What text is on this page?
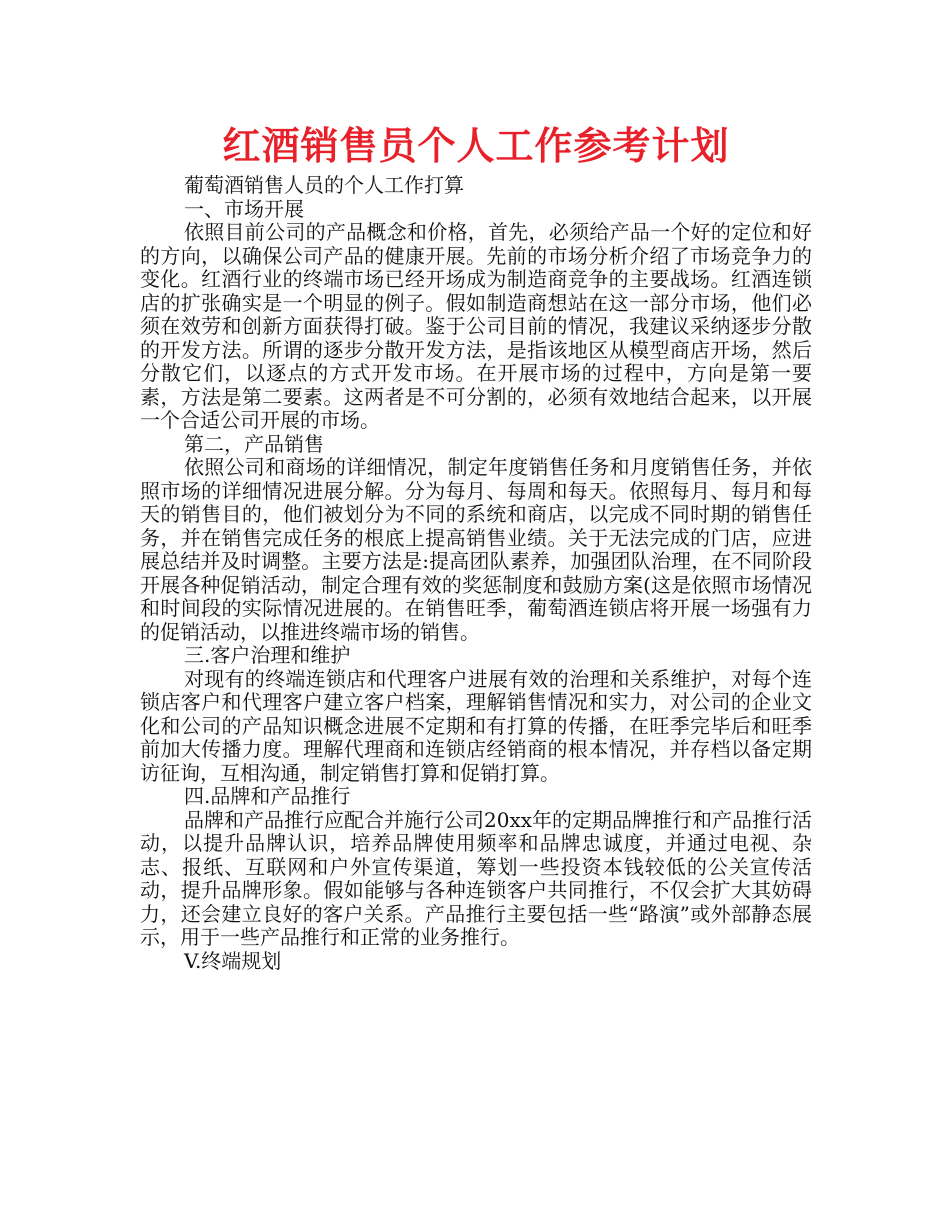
红酒销售员个人工作参考计划

葡萄酒销售人员的个人工作打算

一、市场开展

依照目前公司的产品概念和价格，首先，必须给产品一个好的定位和好的方向，以确保公司产品的健康开展。先前的市场分析介绍了市场竞争力的变化。红酒行业的终端市场已经开场成为制造商竞争的主要战场。红酒连锁店的扩张确实是一个明显的例子。假如制造商想站在这一部分市场，他们必须在效劳和创新方面获得打破。鉴于公司目前的情况，我建议采纳逐步分散的开发方法。所谓的逐步分散开发方法，是指该地区从模型商店开场，然后分散它们，以逐点的方式开发市场。在开展市场的过程中，方向是第一要素，方法是第二要素。这两者是不可分割的，必须有效地结合起来，以开展一个合适公司开展的市场。

第二，产品销售

依照公司和商场的详细情况，制定年度销售任务和月度销售任务，并依照市场的详细情况进展分解。分为每月、每周和每天。依照每月、每月和每天的销售目的，他们被划分为不同的系统和商店，以完成不同时期的销售任务，并在销售完成任务的根底上提高销售业绩。关于无法完成的门店，应进展总结并及时调整。主要方法是:提高团队素养，加强团队治理，在不同阶段开展各种促销活动，制定合理有效的奖惩制度和鼓励方案(这是依照市场情况和时间段的实际情况进展的。在销售旺季，葡萄酒连锁店将开展一场强有力的促销活动，以推进终端市场的销售。

三.客户治理和维护

对现有的终端连锁店和代理客户进展有效的治理和关系维护，对每个连锁店客户和代理客户建立客户档案，理解销售情况和实力，对公司的企业文化和公司的产品知识概念进展不定期和有打算的传播，在旺季完毕后和旺季前加大传播力度。理解代理商和连锁店经销商的根本情况，并存档以备定期访征询，互相沟通，制定销售打算和促销打算。

四.品牌和产品推行

品牌和产品推行应配合并施行公司20xx年的定期品牌推行和产品推行活动，以提升品牌认识，培养品牌使用频率和品牌忠诚度，并通过电视、杂志、报纸、互联网和户外宣传渠道，筹划一些投资本钱较低的公关宣传活动，提升品牌形象。假如能够与各种连锁客户共同推行，不仅会扩大其妨碍力，还会建立良好的客户关系。产品推行主要包括一些“路演”或外部静态展示，用于一些产品推行和正常的业务推行。

V.终端规划
